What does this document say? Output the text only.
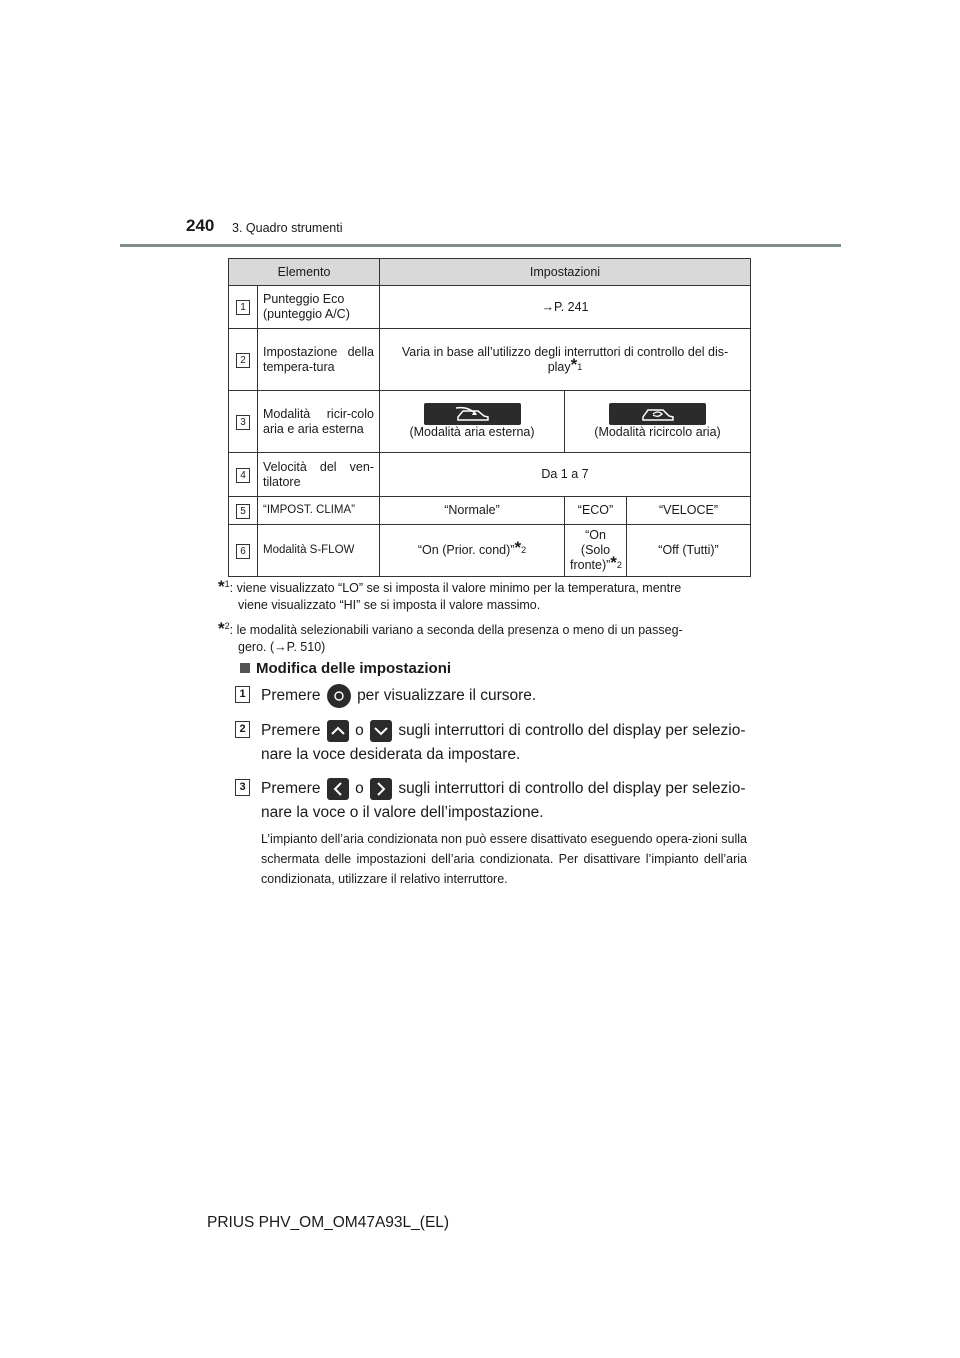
240 3. Quadro strumenti
Elemento		Impostazioni		
1	Punteggio Eco (punteggio A/C)	→P. 241		
2	Impostazione della tempera-tura	Varia in base all’utilizzo degli interruttori di controllo del dis-play$^{*1}$
3	Modalità ricir-colo aria e aria esterna	(Modalità aria esterna)	(Modalità ricircolo aria)	
4	Velocità del ven-tilatore	Da 1 a 7		
5	“IMPOST. CLIMA”	“Normale”	“ECO”	“VELOCE”
6	Modalità S-FLOW	“On (Prior. cond)”$^{*2}$	“On (Solo fronte)”$^{*2}$	“Off (Tutti)”
*$^1$: viene visualizzato “LO” se si imposta il valore minimo per la temperatura, mentre
viene visualizzato “HI” se si imposta il valore massimo.
*$^2$: le modalità selezionabili variano a seconda della presenza o meno di un passeg-
gero. (→P. 510)
Modifica delle impostazioni
1 Premere per visualizzare il cursore.
2 Premere o sugli interruttori di controllo del display per selezio-
nare la voce desiderata da impostare.
3 Premere o sugli interruttori di controllo del display per selezio-
nare la voce o il valore dell’impostazione.
L’impianto dell’aria condizionata non può essere disattivato eseguendo opera-zioni sulla schermata delle impostazioni dell’aria condizionata. Per disattivare l’impianto dell’aria condizionata, utilizzare il relativo interruttore.
PRIUS PHV_OM_OM47A93L_(EL)
